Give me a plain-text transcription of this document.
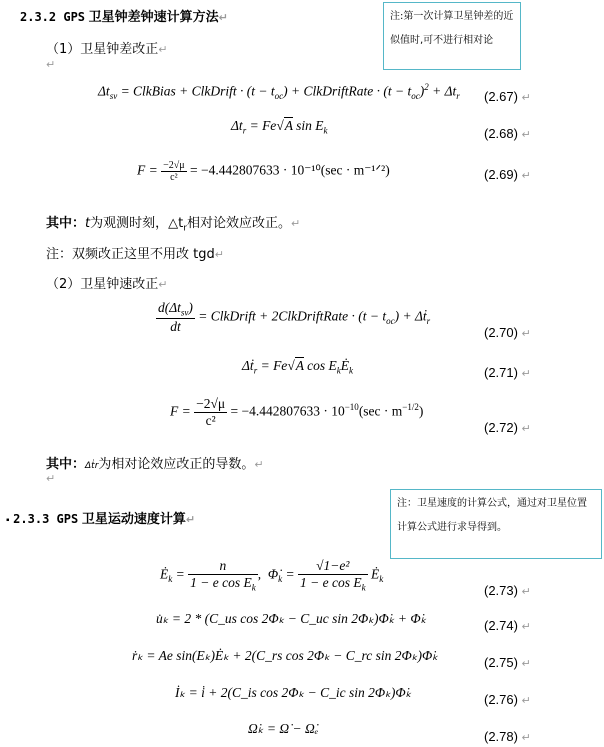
2.3.2 GPS 卫星钟差钟速计算方法↵	注:第一次计算卫星钟差的近似值时,可不进行相对论
（1）卫星钟差改正↵
↵
$\Delta t_{sv}$ = ClkBias + ClkDrift · $(t - t_{oc})$ + ClkDriftRate · $(t - t_{oc})^2 + \Delta t_r$ (2.67) ↵
$\Delta t_r = Fe√A$ $\sin E_k$	(2.68) ↵
$F = \frac{-2√\mu}{\text{c²}} = -4.442807633 \cdot 10^{-10}(\sec$ · m⁻¹ᐟ²)	(2.69) ↵
其中：t为观测时刻，$\triangle t_r$相对论效应改正。↵
注：双频改正这里不用改 tgd↵
（2）卫星钟速改正↵
$\frac{d(\Delta t_{sv})}{dt}$ = ClkDrift + 2ClkDriftRate · $(t - t_{oc})$ + Δṫ$_r$
(2.70) ↵
Δṫ$_r$ = Fe√A $\cos E_kĖ_k$	(2.71) ↵
$F = \frac{-2√\mu}{\text{c²}} = -4.442807633 \cdot 10^{-10}(\sec \cdot m^{-1/2})$
(2.72) ↵
其中：Δṫr为相对论效应改正的导数。↵
↵
▪ 2.3.3 GPS 卫星运动速度计算↵
注：卫星速度的计算公式，通过对卫星位置计算公式进行求导得到。
$Ė_k = \frac{n}{1 - e \cos E_k}$ , $\Phi̇_k = \frac{\text{√1−e²}}{1 - e \cos E_k}$ $Ė_k$
(2.73) ↵
u̇ₖ = 2 * (C_us cos 2Φₖ − C_uc sin 2Φₖ)Φ̇ₖ + Φ̇ₖ	(2.74) ↵
ṙₖ = Ae sin(Eₖ)Ėₖ + 2(C_rs cos 2Φₖ − C_rc sin 2Φₖ)Φ̇ₖ	(2.75) ↵
İₖ = i̇ + 2(C_is cos 2Φₖ − C_ic sin 2Φₖ)Φ̇ₖ	(2.76) ↵
Ω̇ₖ = Ω̇ − Ω̇ₑ
(2.78) ↵
